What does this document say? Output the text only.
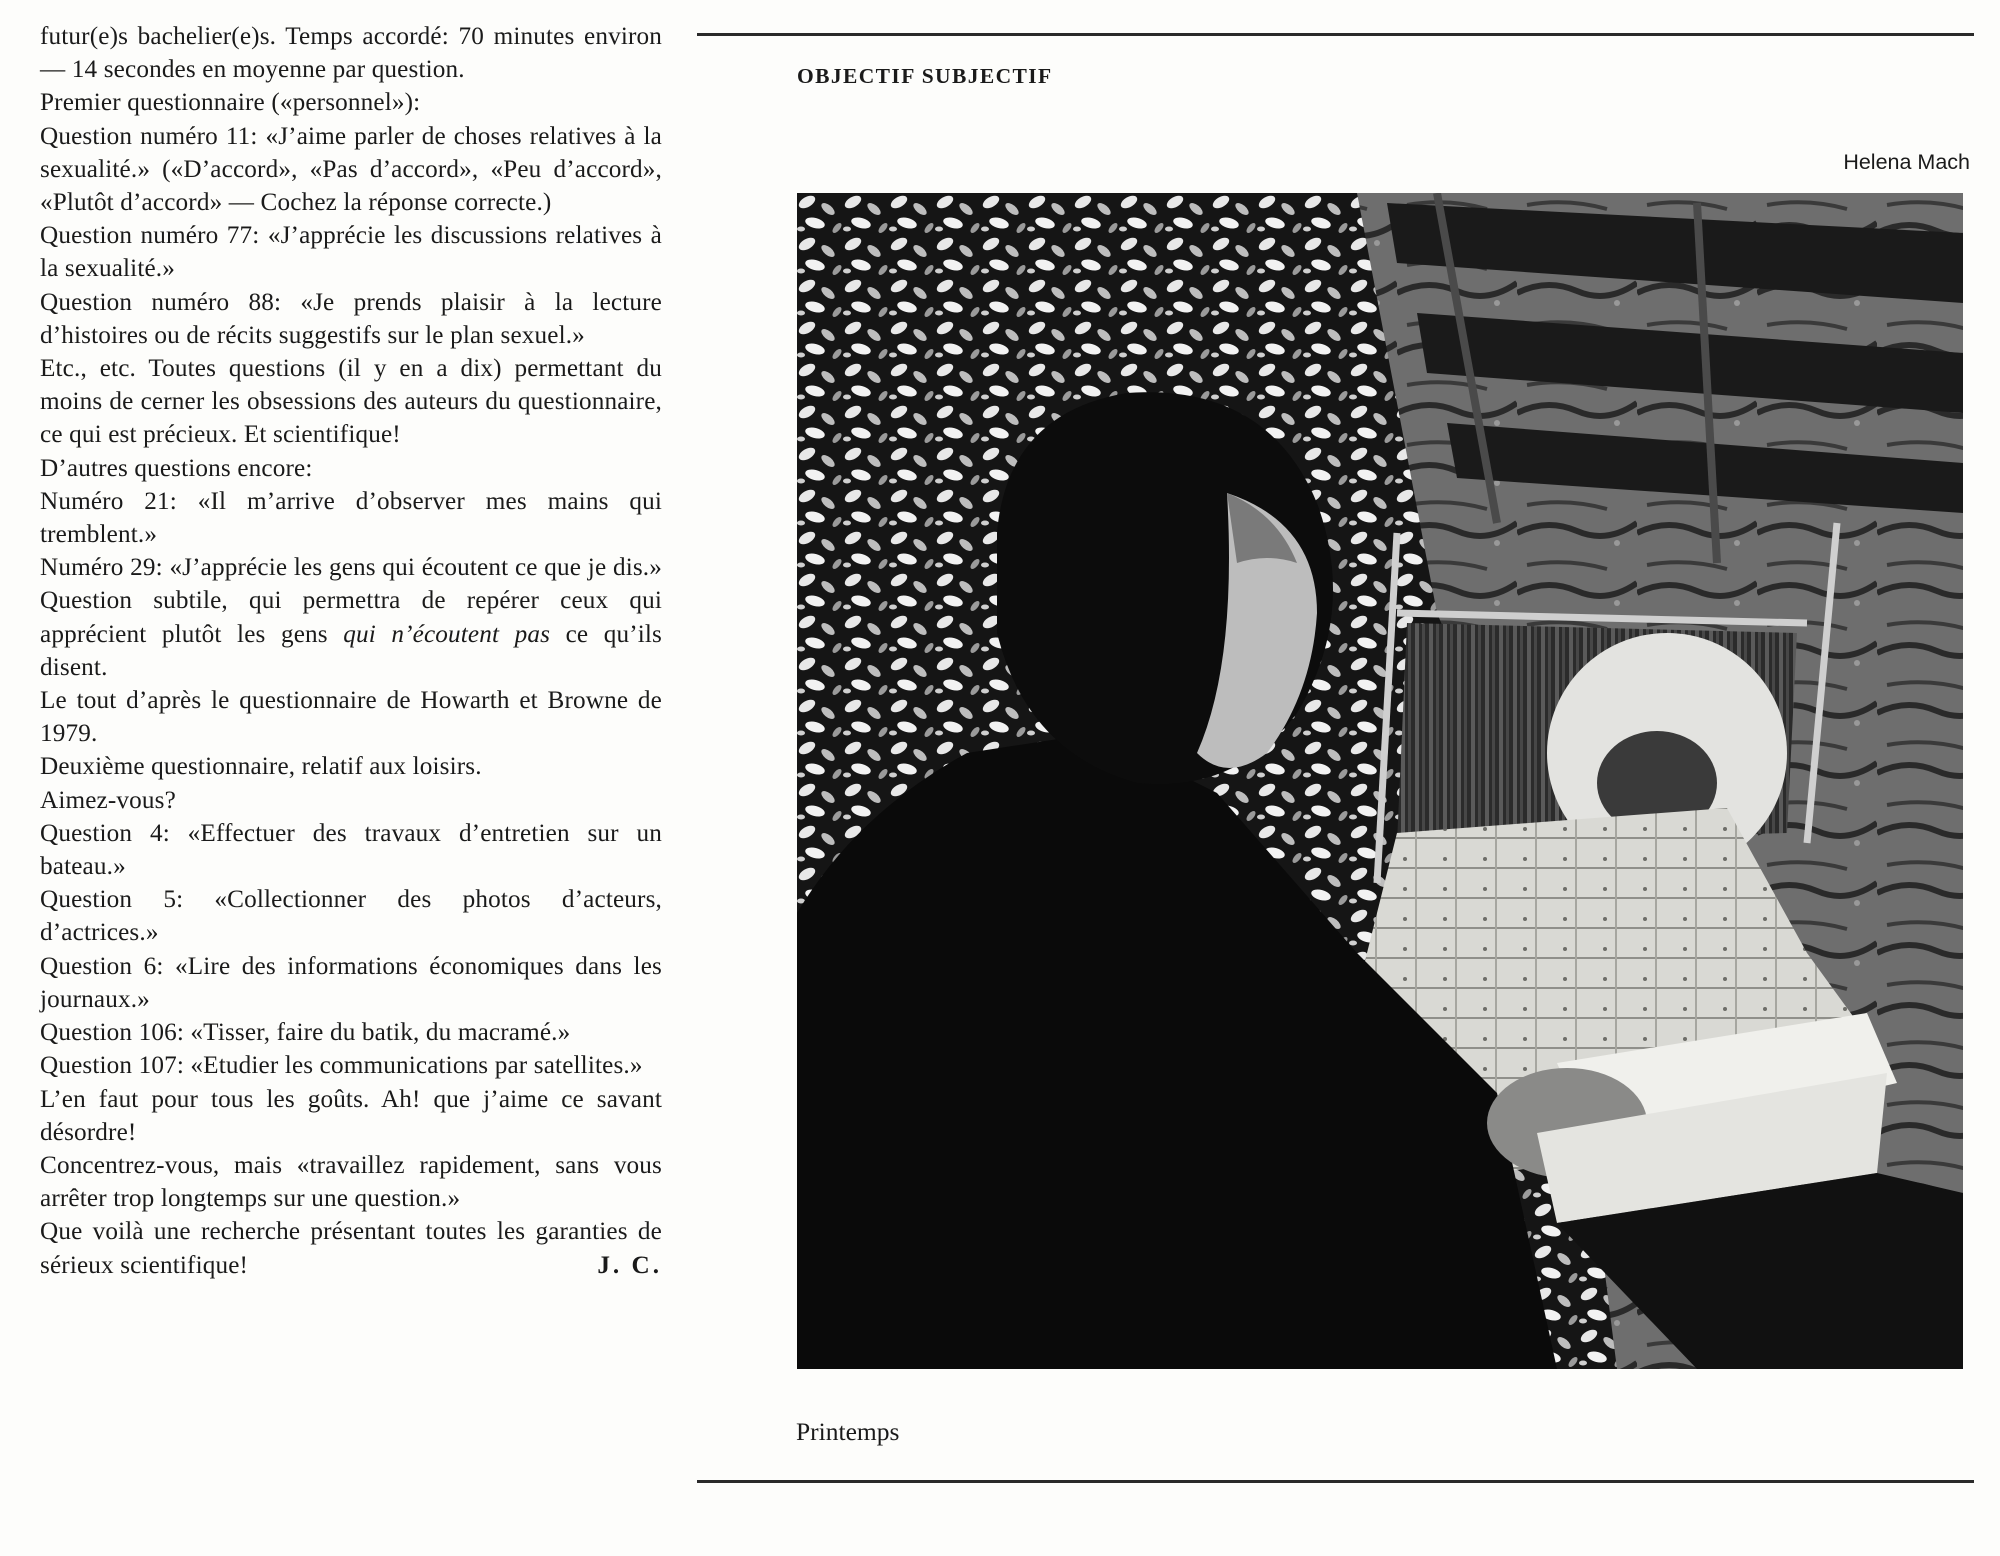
futur(e)s bachelier(e)s. Temps accordé: 70 minutes environ — 14 secondes en moyenne par question.

Premier questionnaire («personnel»):

Question numéro 11: «J’aime parler de choses relatives à la sexualité.» («D’accord», «Pas d’accord», «Peu d’accord», «Plutôt d’accord» — Cochez la réponse correcte.)

Question numéro 77: «J’apprécie les discussions relatives à la sexualité.»

Question numéro 88: «Je prends plaisir à la lecture d’histoires ou de récits suggestifs sur le plan sexuel.»

Etc., etc. Toutes questions (il y en a dix) permettant du moins de cerner les obsessions des auteurs du questionnaire, ce qui est précieux. Et scientifique!

D’autres questions encore:

Numéro 21: «Il m’arrive d’observer mes mains qui tremblent.»

Numéro 29: «J’apprécie les gens qui écoutent ce que je dis.» Question subtile, qui permettra de repérer ceux qui apprécient plutôt les gens qui n’écoutent pas ce qu’ils disent.

Le tout d’après le questionnaire de Howarth et Browne de 1979.

Deuxième questionnaire, relatif aux loisirs.

Aimez-vous?

Question 4: «Effectuer des travaux d’entretien sur un bateau.»

Question 5: «Collectionner des photos d’acteurs, d’actrices.»

Question 6: «Lire des informations économiques dans les journaux.»

Question 106: «Tisser, faire du batik, du macramé.»

Question 107: «Etudier les communications par satellites.»

L’en faut pour tous les goûts. Ah! que j’aime ce savant désordre!

Concentrez-vous, mais «travaillez rapidement, sans vous arrêter trop longtemps sur une question.»

Que voilà une recherche présentant toutes les garanties de sérieux scientifique!	J. C.

OBJECTIF SUBJECTIF
Helena Mach
Printemps
